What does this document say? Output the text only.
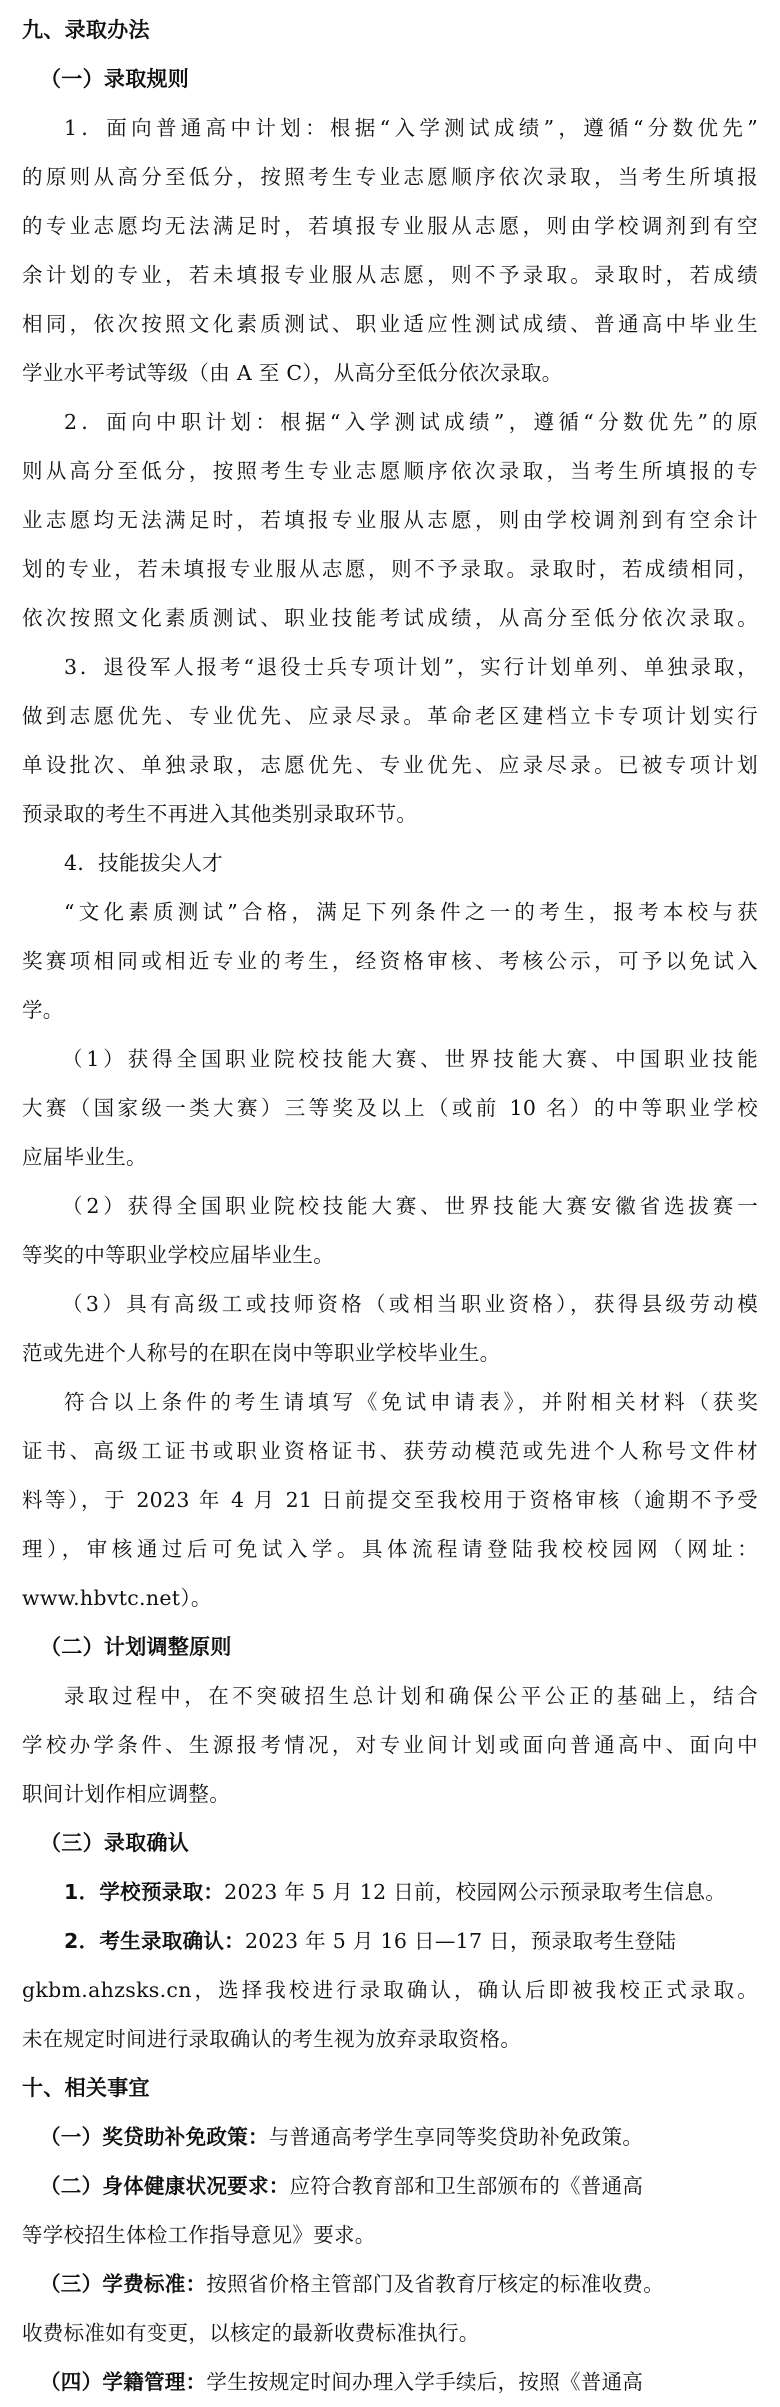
九、录取办法
（一）录取规则
1．面向普通高中计划：根据“入学测试成绩”，遵循“分数优先”
的原则从高分至低分，按照考生专业志愿顺序依次录取，当考生所填报
的专业志愿均无法满足时，若填报专业服从志愿，则由学校调剂到有空
余计划的专业，若未填报专业服从志愿，则不予录取。录取时，若成绩
相同，依次按照文化素质测试、职业适应性测试成绩、普通高中毕业生
学业水平考试等级（由 A 至 C），从高分至低分依次录取。
2．面向中职计划：根据“入学测试成绩”，遵循“分数优先”的原
则从高分至低分，按照考生专业志愿顺序依次录取，当考生所填报的专
业志愿均无法满足时，若填报专业服从志愿，则由学校调剂到有空余计
划的专业，若未填报专业服从志愿，则不予录取。录取时，若成绩相同，
依次按照文化素质测试、职业技能考试成绩，从高分至低分依次录取。
3．退役军人报考“退役士兵专项计划”，实行计划单列、单独录取，
做到志愿优先、专业优先、应录尽录。革命老区建档立卡专项计划实行
单设批次、单独录取，志愿优先、专业优先、应录尽录。已被专项计划
预录取的考生不再进入其他类别录取环节。
4．技能拔尖人才
“文化素质测试”合格，满足下列条件之一的考生，报考本校与获
奖赛项相同或相近专业的考生，经资格审核、考核公示，可予以免试入
学。
（1）获得全国职业院校技能大赛、世界技能大赛、中国职业技能
大赛（国家级一类大赛）三等奖及以上（或前 10 名）的中等职业学校
应届毕业生。
（2）获得全国职业院校技能大赛、世界技能大赛安徽省选拔赛一
等奖的中等职业学校应届毕业生。
（3）具有高级工或技师资格（或相当职业资格），获得县级劳动模
范或先进个人称号的在职在岗中等职业学校毕业生。
符合以上条件的考生请填写《免试申请表》，并附相关材料（获奖
证书、高级工证书或职业资格证书、获劳动模范或先进个人称号文件材
料等），于 2023 年 4 月 21 日前提交至我校用于资格审核（逾期不予受
理），审核通过后可免试入学。具体流程请登陆我校校园网（网址：
www.hbvtc.net）。
（二）计划调整原则
录取过程中，在不突破招生总计划和确保公平公正的基础上，结合
学校办学条件、生源报考情况，对专业间计划或面向普通高中、面向中
职间计划作相应调整。
（三）录取确认
1．学校预录取：2023 年 5 月 12 日前，校园网公示预录取考生信息。
2．考生录取确认：2023 年 5 月 16 日—17 日，预录取考生登陆
gkbm.ahzsks.cn，选择我校进行录取确认，确认后即被我校正式录取。
未在规定时间进行录取确认的考生视为放弃录取资格。
十、相关事宜
（一）奖贷助补免政策：与普通高考学生享同等奖贷助补免政策。
（二）身体健康状况要求：应符合教育部和卫生部颁布的《普通高
等学校招生体检工作指导意见》要求。
（三）学费标准：按照省价格主管部门及省教育厅核定的标准收费。
收费标准如有变更，以核定的最新收费标准执行。
（四）学籍管理：学生按规定时间办理入学手续后，按照《普通高
